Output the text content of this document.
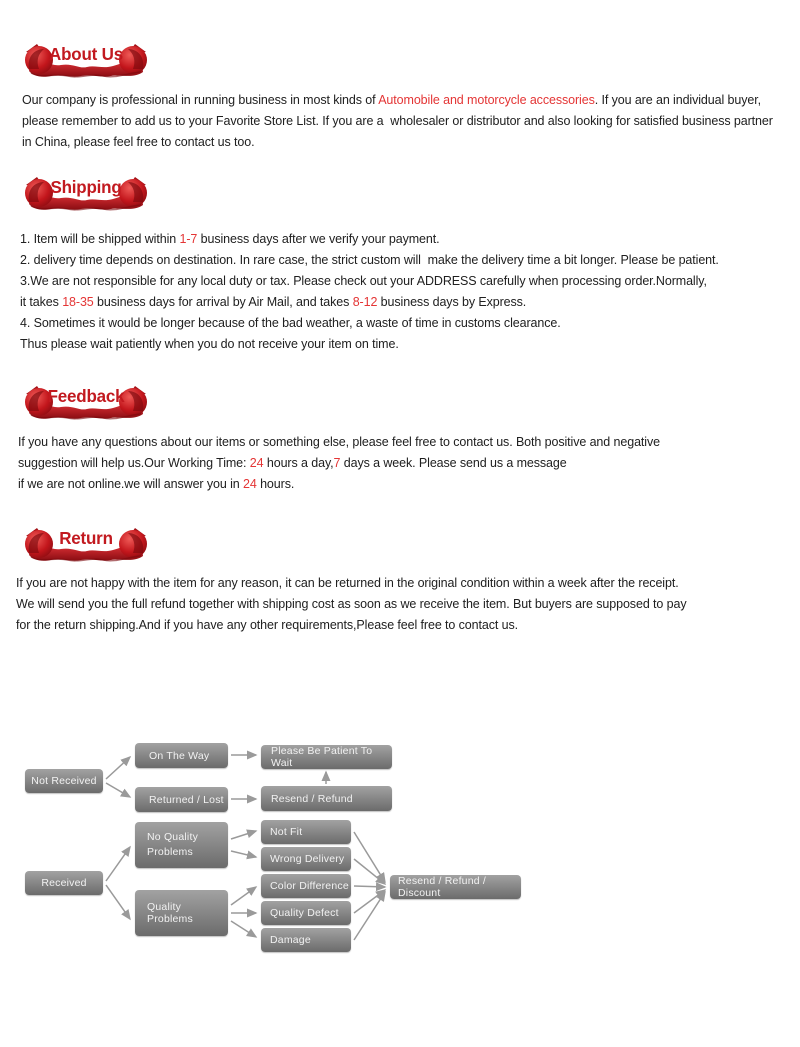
About Us
Our company is professional in running business in most kinds of Automobile and motorcycle accessories. If you are an individual buyer,
please remember to add us to your Favorite Store List. If you are a  wholesaler or distributor and also looking for satisfied business partner
in China, please feel free to contact us too.
Shipping
1. Item will be shipped within 1-7 business days after we verify your payment.
2. delivery time depends on destination. In rare case, the strict custom will  make the delivery time a bit longer. Please be patient.
3.We are not responsible for any local duty or tax. Please check out your ADDRESS carefully when processing order.Normally,
it takes 18-35 business days for arrival by Air Mail, and takes 8-12 business days by Express.
4. Sometimes it would be longer because of the bad weather, a waste of time in customs clearance.
Thus please wait patiently when you do not receive your item on time.
Feedback
If you have any questions about our items or something else, please feel free to contact us. Both positive and negative
suggestion will help us.Our Working Time: 24 hours a day,7 days a week. Please send us a message
if we are not online.we will answer you in 24 hours.
Return
If you are not happy with the item for any reason, it can be returned in the original condition within a week after the receipt.
We will send you the full refund together with shipping cost as soon as we receive the item. But buyers are supposed to pay
for the return shipping.And if you have any other requirements,Please feel free to contact us.
Not Received
On The Way
Returned / Lost
Please Be Patient To Wait
Resend / Refund
Received
No Quality Problems
Quality Problems
Not Fit
Wrong Delivery
Color Difference
Quality Defect
Damage
Resend / Refund / Discount
